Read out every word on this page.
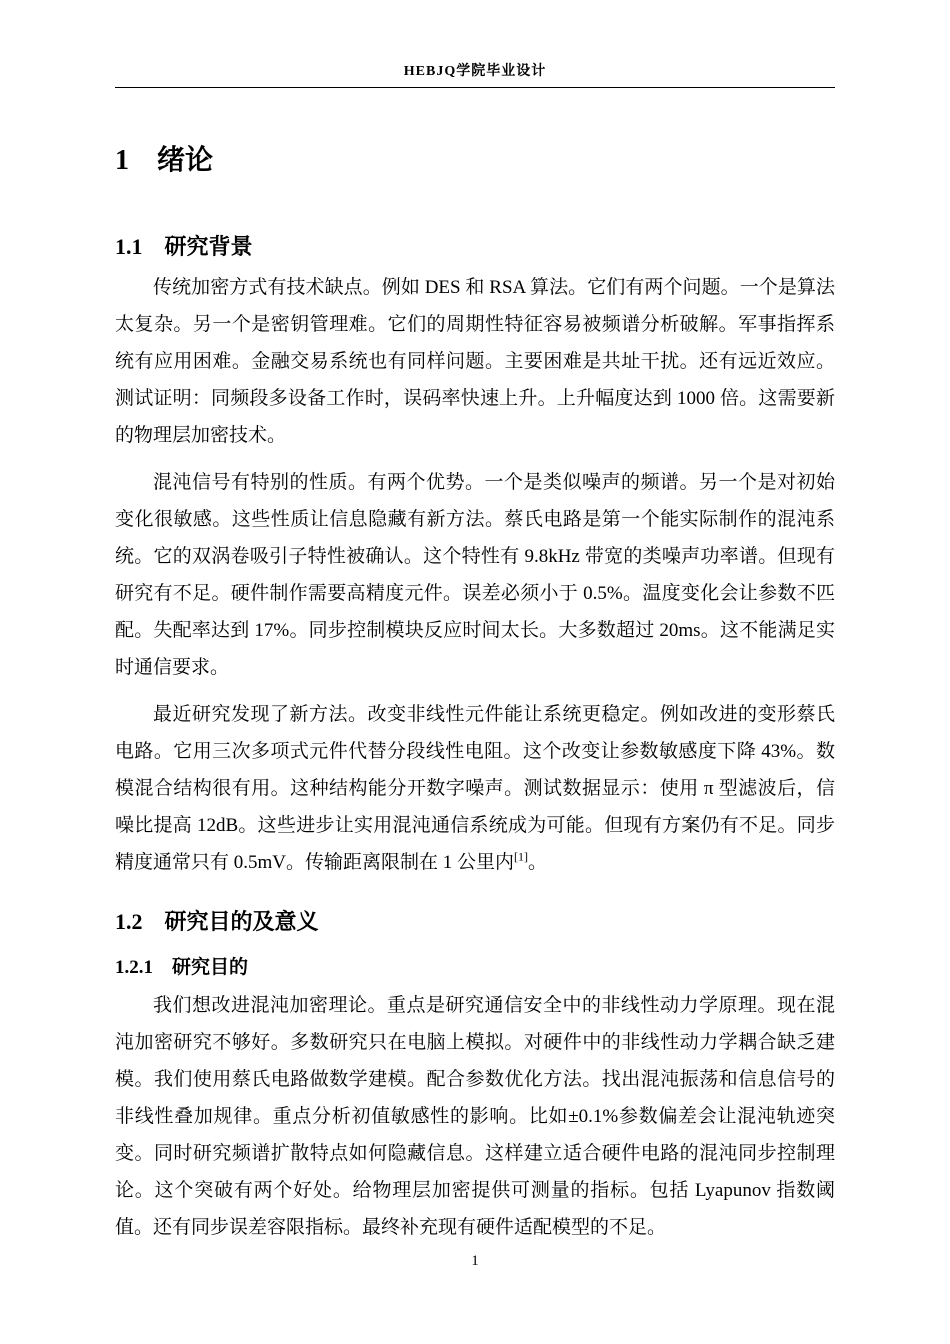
HEBJQ学院毕业设计
1　绪论
1.1　研究背景

传统加密方式有技术缺点。例如 DES 和 RSA 算法。它们有两个问题。一个是算法太复杂。另一个是密钥管理难。它们的周期性特征容易被频谱分析破解。军事指挥系统有应用困难。金融交易系统也有同样问题。主要困难是共址干扰。还有远近效应。测试证明：同频段多设备工作时，误码率快速上升。上升幅度达到 1000 倍。这需要新的物理层加密技术。

混沌信号有特别的性质。有两个优势。一个是类似噪声的频谱。另一个是对初始变化很敏感。这些性质让信息隐藏有新方法。蔡氏电路是第一个能实际制作的混沌系统。它的双涡卷吸引子特性被确认。这个特性有 9.8kHz 带宽的类噪声功率谱。但现有研究有不足。硬件制作需要高精度元件。误差必须小于 0.5%。温度变化会让参数不匹配。失配率达到 17%。同步控制模块反应时间太长。大多数超过 20ms。这不能满足实时通信要求。

最近研究发现了新方法。改变非线性元件能让系统更稳定。例如改进的变形蔡氏电路。它用三次多项式元件代替分段线性电阻。这个改变让参数敏感度下降 43%。数模混合结构很有用。这种结构能分开数字噪声。测试数据显示：使用 π 型滤波后，信噪比提高 12dB。这些进步让实用混沌通信系统成为可能。但现有方案仍有不足。同步精度通常只有 0.5mV。传输距离限制在 1 公里内[1]。

1.2　研究目的及意义
1.2.1　研究目的

我们想改进混沌加密理论。重点是研究通信安全中的非线性动力学原理。现在混沌加密研究不够好。多数研究只在电脑上模拟。对硬件中的非线性动力学耦合缺乏建模。我们使用蔡氏电路做数学建模。配合参数优化方法。找出混沌振荡和信息信号的非线性叠加规律。重点分析初值敏感性的影响。比如±0.1%参数偏差会让混沌轨迹突变。同时研究频谱扩散特点如何隐藏信息。这样建立适合硬件电路的混沌同步控制理论。这个突破有两个好处。给物理层加密提供可测量的指标。包括 Lyapunov 指数阈值。还有同步误差容限指标。最终补充现有硬件适配模型的不足。

1
